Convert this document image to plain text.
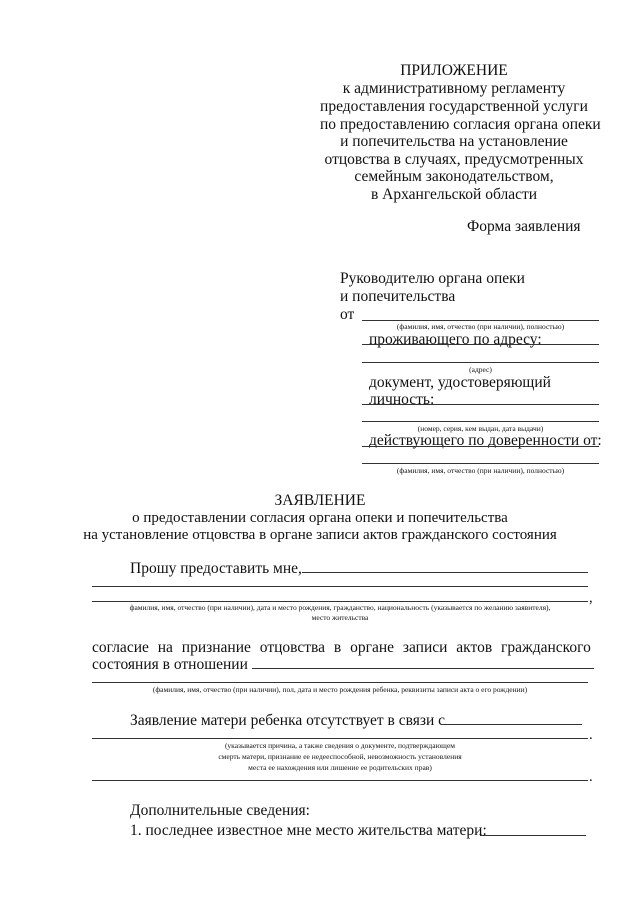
ПРИЛОЖЕНИЕ
к административному регламенту
предоставления государственной услуги
по предоставлению согласия органа опеки
и попечительства на установление
отцовства в случаях, предусмотренных
семейным законодательством,
в Архангельской области
Форма заявления
Руководителю органа опеки
и попечительства
от
(фамилия, имя, отчество (при наличии), полностью)
проживающего по адресу:
(адрес)
документ, удостоверяющий
личность:
(номер, серия, кем выдан, дата выдачи)
действующего по доверенности от:
(фамилия, имя, отчество (при наличии), полностью)
ЗАЯВЛЕНИЕ
о предоставлении согласия органа опеки и попечительства
на установление отцовства в органе записи актов гражданского состояния
Прошу предоставить мне,
,
фамилия, имя, отчество (при наличии), дата и место рождения, гражданство, национальность (указывается по желанию заявителя),
место жительства
согласие на признание отцовства в органе записи актов гражданского
состояния в отношении
(фамилия, имя, отчество (при наличии), пол, дата и место рождения ребенка, реквизиты записи акта о его рождении)
Заявление матери ребенка отсутствует в связи с
.
(указывается причина, а также сведения о документе, подтверждающем
смерть матери, признание ее недееспособной, невозможность установления
места ее нахождения или лишение ее родительских прав)
.
Дополнительные сведения:
1. последнее известное мне место жительства матери:
